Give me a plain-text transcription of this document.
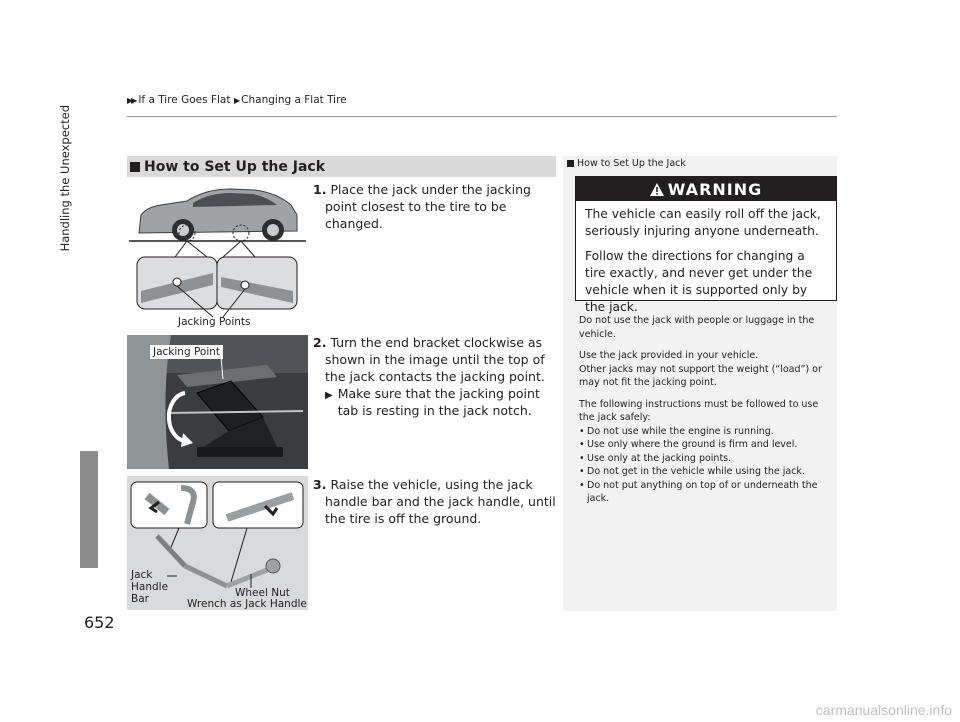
▶▶ If a Tire Goes Flat ▶ Changing a Flat Tire
Handling the Unexpected
652
How to Set Up the Jack
Jacking Points
Jacking Point
Jack
Handle
Bar
Wheel Nut
Wrench as Jack Handle
1. Place the jack under the jacking point closest to the tire to be changed.
2. Turn the end bracket clockwise as shown in the image until the top of the jack contacts the jacking point.
▶ Make sure that the jacking point tab is resting in the jack notch.
3. Raise the vehicle, using the jack handle bar and the jack handle, until the tire is off the ground.
How to Set Up the Jack
WARNING

The vehicle can easily roll off the jack, seriously injuring anyone underneath.

Follow the directions for changing a tire exactly, and never get under the vehicle when it is supported only by the jack.

Do not use the jack with people or luggage in the vehicle.

Use the jack provided in your vehicle.

Other jacks may not support the weight (“load”) or may not fit the jacking point.

The following instructions must be followed to use the jack safely:

• Do not use while the engine is running.
• Use only where the ground is firm and level.
• Use only at the jacking points.
• Do not get in the vehicle while using the jack.
• Do not put anything on top of or underneath the jack.
carmanualsonline.info
